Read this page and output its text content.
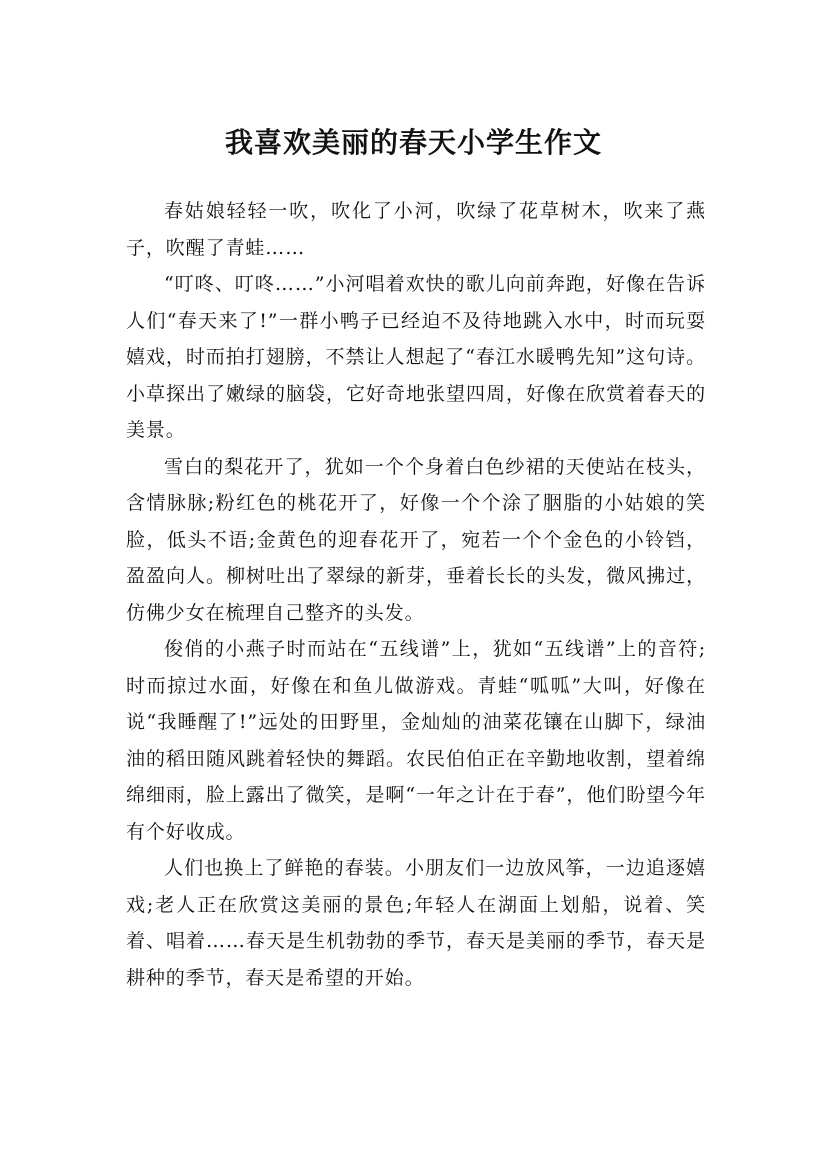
我喜欢美丽的春天小学生作文

春姑娘轻轻一吹，吹化了小河，吹绿了花草树木，吹来了燕子，吹醒了青蛙……

“叮咚、叮咚……”小河唱着欢快的歌儿向前奔跑，好像在告诉人们“春天来了!”一群小鸭子已经迫不及待地跳入水中，时而玩耍嬉戏，时而拍打翅膀，不禁让人想起了“春江水暖鸭先知”这句诗。小草探出了嫩绿的脑袋，它好奇地张望四周，好像在欣赏着春天的美景。

雪白的梨花开了，犹如一个个身着白色纱裙的天使站在枝头，含情脉脉;粉红色的桃花开了，好像一个个涂了胭脂的小姑娘的笑脸，低头不语;金黄色的迎春花开了，宛若一个个金色的小铃铛，盈盈向人。柳树吐出了翠绿的新芽，垂着长长的头发，微风拂过，仿佛少女在梳理自己整齐的头发。

俊俏的小燕子时而站在“五线谱”上，犹如“五线谱”上的音符;时而掠过水面，好像在和鱼儿做游戏。青蛙“呱呱”大叫，好像在说“我睡醒了!”远处的田野里，金灿灿的油菜花镶在山脚下，绿油油的稻田随风跳着轻快的舞蹈。农民伯伯正在辛勤地收割，望着绵绵细雨，脸上露出了微笑，是啊“一年之计在于春”，他们盼望今年有个好收成。

人们也换上了鲜艳的春装。小朋友们一边放风筝，一边追逐嬉戏;老人正在欣赏这美丽的景色;年轻人在湖面上划船，说着、笑着、唱着……春天是生机勃勃的季节，春天是美丽的季节，春天是耕种的季节，春天是希望的开始。
